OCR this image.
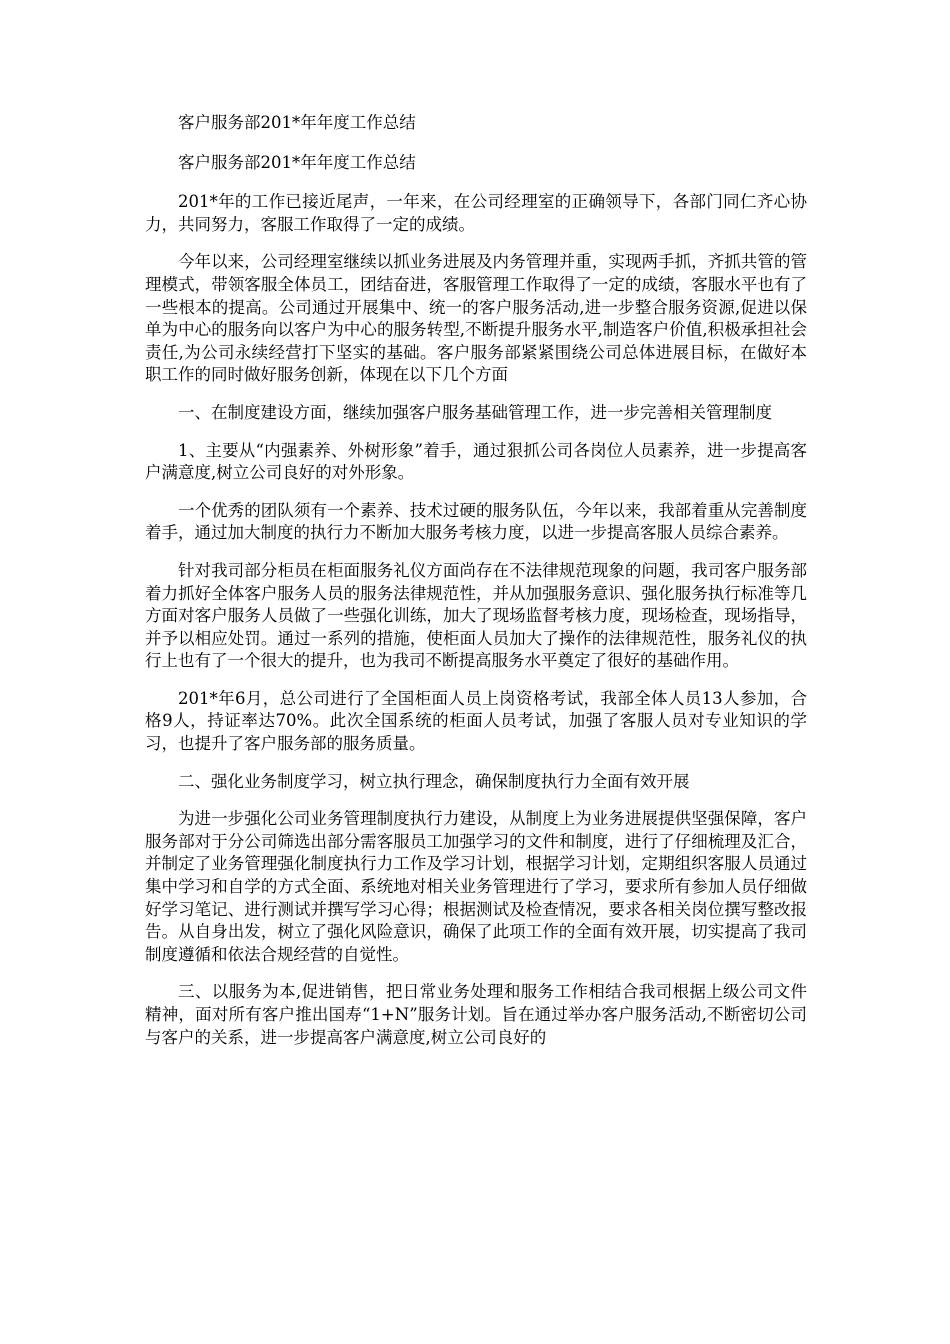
客户服务部201*年年度工作总结

客户服务部201*年年度工作总结

201*年的工作已接近尾声，一年来，在公司经理室的正确领导下，各部门同仁齐心协力，共同努力，客服工作取得了一定的成绩。

今年以来，公司经理室继续以抓业务进展及内务管理并重，实现两手抓，齐抓共管的管理模式，带领客服全体员工，团结奋进，客服管理工作取得了一定的成绩，客服水平也有了一些根本的提高。公司通过开展集中、统一的客户服务活动,进一步整合服务资源,促进以保单为中心的服务向以客户为中心的服务转型,不断提升服务水平,制造客户价值,积极承担社会责任,为公司永续经营打下坚实的基础。客户服务部紧紧围绕公司总体进展目标，在做好本职工作的同时做好服务创新，体现在以下几个方面

一、在制度建设方面，继续加强客户服务基础管理工作，进一步完善相关管理制度

1、主要从“内强素养、外树形象”着手，通过狠抓公司各岗位人员素养，进一步提高客户满意度,树立公司良好的对外形象。

一个优秀的团队须有一个素养、技术过硬的服务队伍，今年以来，我部着重从完善制度着手，通过加大制度的执行力不断加大服务考核力度，以进一步提高客服人员综合素养。

针对我司部分柜员在柜面服务礼仪方面尚存在不法律规范现象的问题，我司客户服务部着力抓好全体客户服务人员的服务法律规范性，并从加强服务意识、强化服务执行标准等几方面对客户服务人员做了一些强化训练，加大了现场监督考核力度，现场检查，现场指导，并予以相应处罚。通过一系列的措施，使柜面人员加大了操作的法律规范性，服务礼仪的执行上也有了一个很大的提升，也为我司不断提高服务水平奠定了很好的基础作用。

201*年6月，总公司进行了全国柜面人员上岗资格考试，我部全体人员13人参加，合格9人，持证率达70%。此次全国系统的柜面人员考试，加强了客服人员对专业知识的学习，也提升了客户服务部的服务质量。

二、强化业务制度学习，树立执行理念，确保制度执行力全面有效开展

为进一步强化公司业务管理制度执行力建设，从制度上为业务进展提供坚强保障，客户服务部对于分公司筛选出部分需客服员工加强学习的文件和制度，进行了仔细梳理及汇合，并制定了业务管理强化制度执行力工作及学习计划，根据学习计划，定期组织客服人员通过集中学习和自学的方式全面、系统地对相关业务管理进行了学习，要求所有参加人员仔细做好学习笔记、进行测试并撰写学习心得；根据测试及检查情况，要求各相关岗位撰写整改报告。从自身出发，树立了强化风险意识，确保了此项工作的全面有效开展，切实提高了我司制度遵循和依法合规经营的自觉性。

三、以服务为本,促进销售，把日常业务处理和服务工作相结合我司根据上级公司文件精神，面对所有客户推出国寿“1+N”服务计划。旨在通过举办客户服务活动,不断密切公司与客户的关系，进一步提高客户满意度,树立公司良好的
